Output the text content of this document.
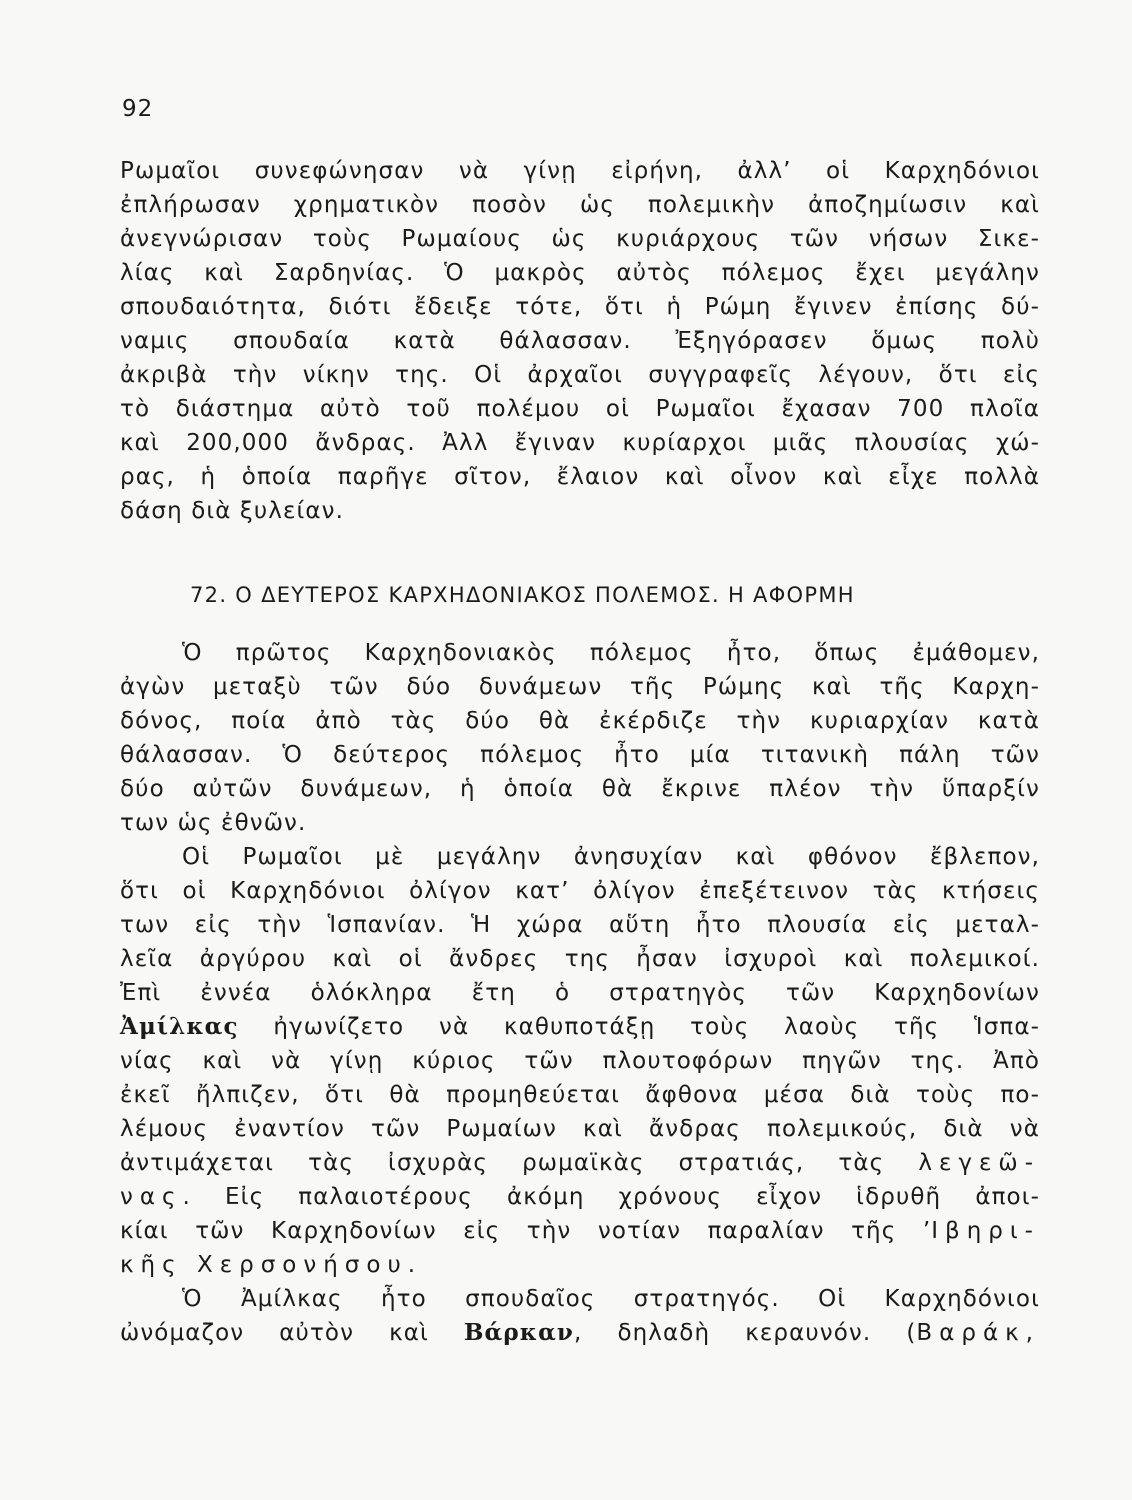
92
Ρωμαῖοι συνεφώνησαν νὰ γίνῃ εἰρήνη, ἀλλ’ οἱ Καρχηδόνιοι
ἐπλήρωσαν χρηματικὸν ποσὸν ὡς πολεμικὴν ἀποζημίωσιν καὶ
ἀνεγνώρισαν τοὺς Ρωμαίους ὡς κυριάρχους τῶν νήσων Σικε-
λίας καὶ Σαρδηνίας. Ὁ μακρὸς αὐτὸς πόλεμος ἔχει μεγάλην
σπουδαιότητα, διότι ἔδειξε τότε, ὅτι ἡ Ρώμη ἔγινεν ἐπίσης δύ-
ναμις σπουδαία κατὰ θάλασσαν. Ἐξηγόρασεν ὅμως πολὺ
ἀκριβὰ τὴν νίκην της. Οἱ ἀρχαῖοι συγγραφεῖς λέγουν, ὅτι εἰς
τὸ διάστημα αὐτὸ τοῦ πολέμου οἱ Ρωμαῖοι ἔχασαν 700 πλοῖα
καὶ 200,000 ἄνδρας. Ἀλλ ἔγιναν κυρίαρχοι μιᾶς πλουσίας χώ-
ρας, ἡ ὁποία παρῆγε σῖτον, ἔλαιον καὶ οἶνον καὶ εἶχε πολλὰ
δάση διὰ ξυλείαν.
72. Ο ΔΕΥΤΕΡΟΣ ΚΑΡΧΗΔΟΝΙΑΚΟΣ ΠΟΛΕΜΟΣ. Η ΑΦΟΡΜΗ
Ὁ πρῶτος Καρχηδονιακὸς πόλεμος ἦτο, ὅπως ἐμάθομεν,
ἀγὼν μεταξὺ τῶν δύο δυνάμεων τῆς Ρώμης καὶ τῆς Καρχη-
δόνος, ποία ἀπὸ τὰς δύο θὰ ἐκέρδιζε τὴν κυριαρχίαν κατὰ
θάλασσαν. Ὁ δεύτερος πόλεμος ἦτο μία τιτανικὴ πάλη τῶν
δύο αὐτῶν δυνάμεων, ἡ ὁποία θὰ ἔκρινε πλέον τὴν ὕπαρξίν
των ὡς ἐθνῶν.
Οἱ Ρωμαῖοι μὲ μεγάλην ἀνησυχίαν καὶ φθόνον ἔβλεπον,
ὅτι οἱ Καρχηδόνιοι ὀλίγον κατ’ ὀλίγον ἐπεξέτεινον τὰς κτήσεις
των εἰς τὴν Ἱσπανίαν. Ἡ χώρα αὕτη ἦτο πλουσία εἰς μεταλ-
λεῖα ἀργύρου καὶ οἱ ἄνδρες της ἦσαν ἰσχυροὶ καὶ πολεμικοί.
Ἐπὶ ἐννέα ὁλόκληρα ἔτη ὁ στρατηγὸς τῶν Καρχηδονίων
Ἀμίλκας ἠγωνίζετο νὰ καθυποτάξῃ τοὺς λαοὺς τῆς Ἱσπα-
νίας καὶ νὰ γίνῃ κύριος τῶν πλουτοφόρων πηγῶν της. Ἀπὸ
ἐκεῖ ἤλπιζεν, ὅτι θὰ προμηθεύεται ἄφθονα μέσα διὰ τοὺς πο-
λέμους ἐναντίον τῶν Ρωμαίων καὶ ἄνδρας πολεμικούς, διὰ νὰ
ἀντιμάχεται τὰς ἰσχυρὰς ρωμαϊκὰς στρατιάς, τὰς λεγεῶ-
νας. Εἰς παλαιοτέρους ἀκόμη χρόνους εἶχον ἱδρυθῆ ἀποι-
κίαι τῶν Καρχηδονίων εἰς τὴν νοτίαν παραλίαν τῆς ’Ιβηρι-
κῆς Χερσονήσου.
Ὁ Ἀμίλκας ἦτο σπουδαῖος στρατηγός. Οἱ Καρχηδόνιοι
ὠνόμαζον αὐτὸν καὶ Βάρκαν, δηλαδὴ κεραυνόν. (Βαράκ,
